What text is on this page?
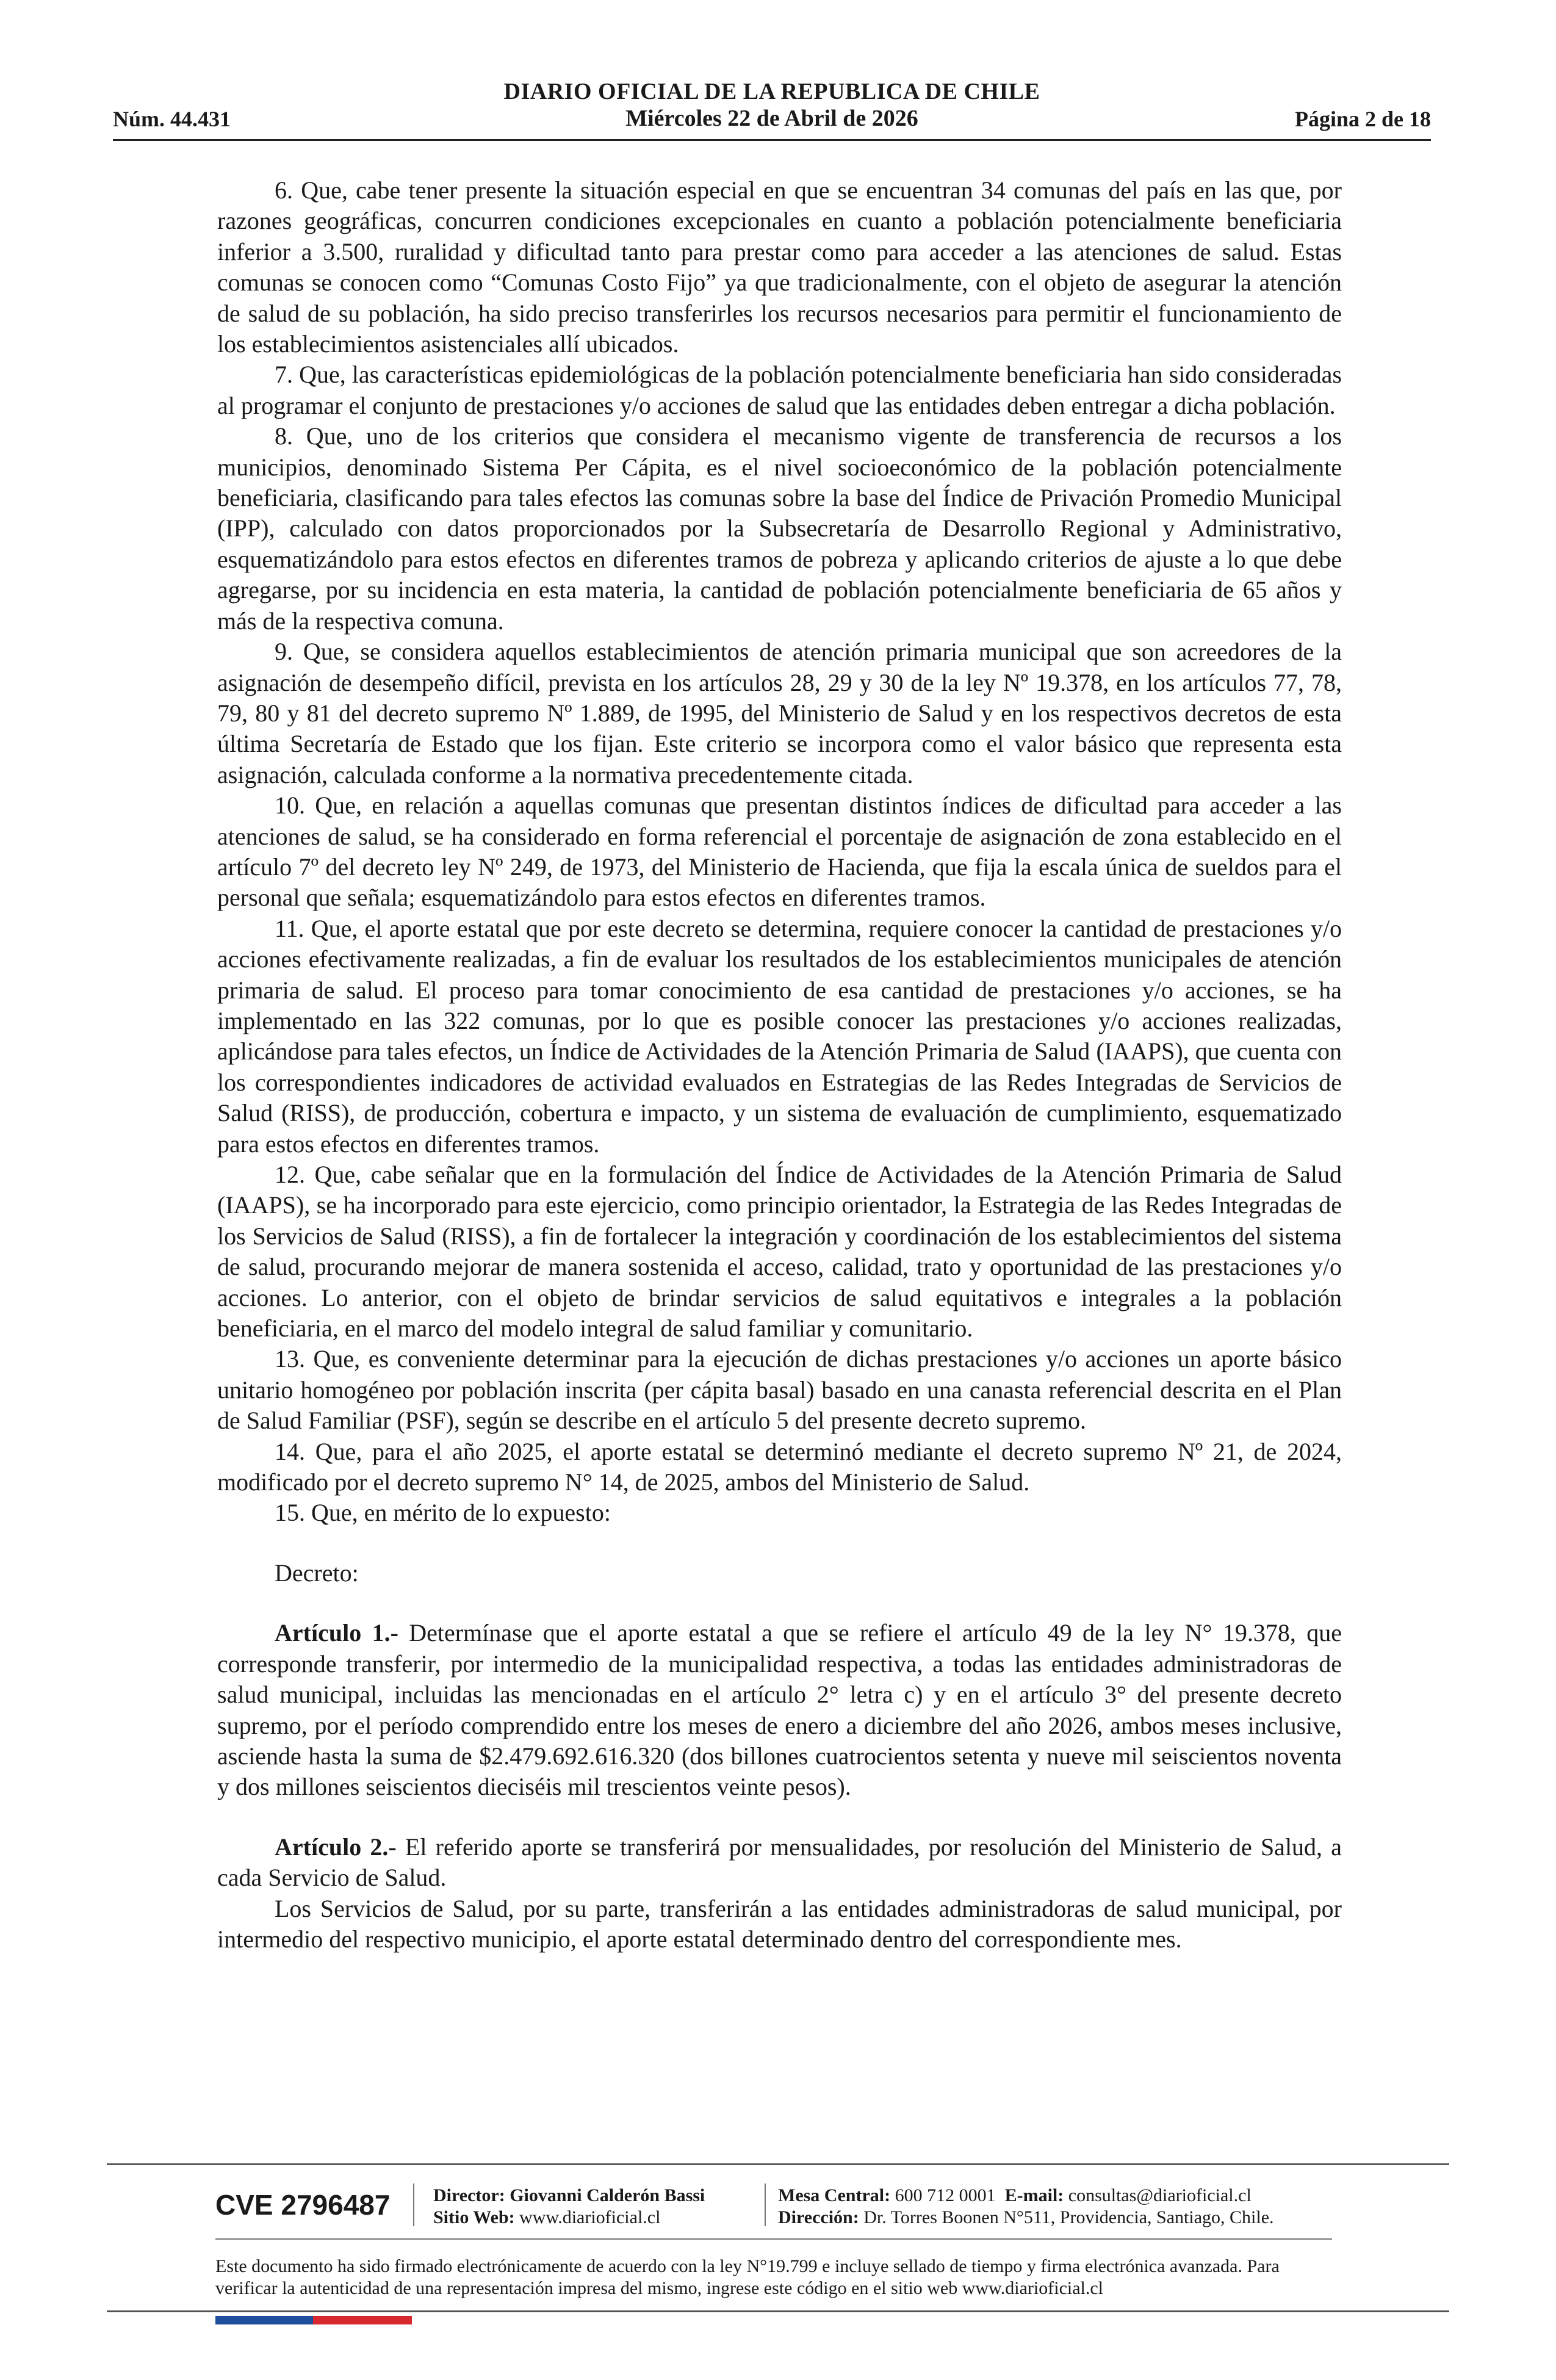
DIARIO OFICIAL DE LA REPUBLICA DE CHILE
Núm. 44.431	Miércoles 22 de Abril de 2026	Página 2 de 18

6. Que, cabe tener presente la situación especial en que se encuentran 34 comunas del país en las que, por razones geográficas, concurren condiciones excepcionales en cuanto a población potencialmente beneficiaria inferior a 3.500, ruralidad y dificultad tanto para prestar como para acceder a las atenciones de salud. Estas comunas se conocen como “Comunas Costo Fijo” ya que tradicionalmente, con el objeto de asegurar la atención de salud de su población, ha sido preciso transferirles los recursos necesarios para permitir el funcionamiento de los establecimientos asistenciales allí ubicados.

7. Que, las características epidemiológicas de la población potencialmente beneficiaria han sido consideradas al programar el conjunto de prestaciones y/o acciones de salud que las entidades deben entregar a dicha población.

8. Que, uno de los criterios que considera el mecanismo vigente de transferencia de recursos a los municipios, denominado Sistema Per Cápita, es el nivel socioeconómico de la población potencialmente beneficiaria, clasificando para tales efectos las comunas sobre la base del Índice de Privación Promedio Municipal (IPP), calculado con datos proporcionados por la Subsecretaría de Desarrollo Regional y Administrativo, esquematizándolo para estos efectos en diferentes tramos de pobreza y aplicando criterios de ajuste a lo que debe agregarse, por su incidencia en esta materia, la cantidad de población potencialmente beneficiaria de 65 años y más de la respectiva comuna.

9. Que, se considera aquellos establecimientos de atención primaria municipal que son acreedores de la asignación de desempeño difícil, prevista en los artículos 28, 29 y 30 de la ley Nº 19.378, en los artículos 77, 78, 79, 80 y 81 del decreto supremo Nº 1.889, de 1995, del Ministerio de Salud y en los respectivos decretos de esta última Secretaría de Estado que los fijan. Este criterio se incorpora como el valor básico que representa esta asignación, calculada conforme a la normativa precedentemente citada.

10. Que, en relación a aquellas comunas que presentan distintos índices de dificultad para acceder a las atenciones de salud, se ha considerado en forma referencial el porcentaje de asignación de zona establecido en el artículo 7º del decreto ley Nº 249, de 1973, del Ministerio de Hacienda, que fija la escala única de sueldos para el personal que señala; esquematizándolo para estos efectos en diferentes tramos.

11. Que, el aporte estatal que por este decreto se determina, requiere conocer la cantidad de prestaciones y/o acciones efectivamente realizadas, a fin de evaluar los resultados de los establecimientos municipales de atención primaria de salud. El proceso para tomar conocimiento de esa cantidad de prestaciones y/o acciones, se ha implementado en las 322 comunas, por lo que es posible conocer las prestaciones y/o acciones realizadas, aplicándose para tales efectos, un Índice de Actividades de la Atención Primaria de Salud (IAAPS), que cuenta con los correspondientes indicadores de actividad evaluados en Estrategias de las Redes Integradas de Servicios de Salud (RISS), de producción, cobertura e impacto, y un sistema de evaluación de cumplimiento, esquematizado para estos efectos en diferentes tramos.

12. Que, cabe señalar que en la formulación del Índice de Actividades de la Atención Primaria de Salud (IAAPS), se ha incorporado para este ejercicio, como principio orientador, la Estrategia de las Redes Integradas de los Servicios de Salud (RISS), a fin de fortalecer la integración y coordinación de los establecimientos del sistema de salud, procurando mejorar de manera sostenida el acceso, calidad, trato y oportunidad de las prestaciones y/o acciones. Lo anterior, con el objeto de brindar servicios de salud equitativos e integrales a la población beneficiaria, en el marco del modelo integral de salud familiar y comunitario.

13. Que, es conveniente determinar para la ejecución de dichas prestaciones y/o acciones un aporte básico unitario homogéneo por población inscrita (per cápita basal) basado en una canasta referencial descrita en el Plan de Salud Familiar (PSF), según se describe en el artículo 5 del presente decreto supremo.

14. Que, para el año 2025, el aporte estatal se determinó mediante el decreto supremo Nº 21, de 2024, modificado por el decreto supremo N° 14, de 2025, ambos del Ministerio de Salud.

15. Que, en mérito de lo expuesto:

Decreto:

Artículo 1.- Determínase que el aporte estatal a que se refiere el artículo 49 de la ley N° 19.378, que corresponde transferir, por intermedio de la municipalidad respectiva, a todas las entidades administradoras de salud municipal, incluidas las mencionadas en el artículo 2° letra c) y en el artículo 3° del presente decreto supremo, por el período comprendido entre los meses de enero a diciembre del año 2026, ambos meses inclusive, asciende hasta la suma de $2.479.692.616.320 (dos billones cuatrocientos setenta y nueve mil seiscientos noventa y dos millones seiscientos dieciséis mil trescientos veinte pesos).

Artículo 2.- El referido aporte se transferirá por mensualidades, por resolución del Ministerio de Salud, a cada Servicio de Salud.

Los Servicios de Salud, por su parte, transferirán a las entidades administradoras de salud municipal, por intermedio del respectivo municipio, el aporte estatal determinado dentro del correspondiente mes.

CVE 2796487 Director: Giovanni Calderón Bassi
Sitio Web: www.diarioficial.cl
Mesa Central: 600 712 0001 E-mail: consultas@diarioficial.cl
Dirección: Dr. Torres Boonen N°511, Providencia, Santiago, Chile.
Este documento ha sido firmado electrónicamente de acuerdo con la ley N°19.799 e incluye sellado de tiempo y firma electrónica avanzada. Para verificar la autenticidad de una representación impresa del mismo, ingrese este código en el sitio web www.diarioficial.cl
